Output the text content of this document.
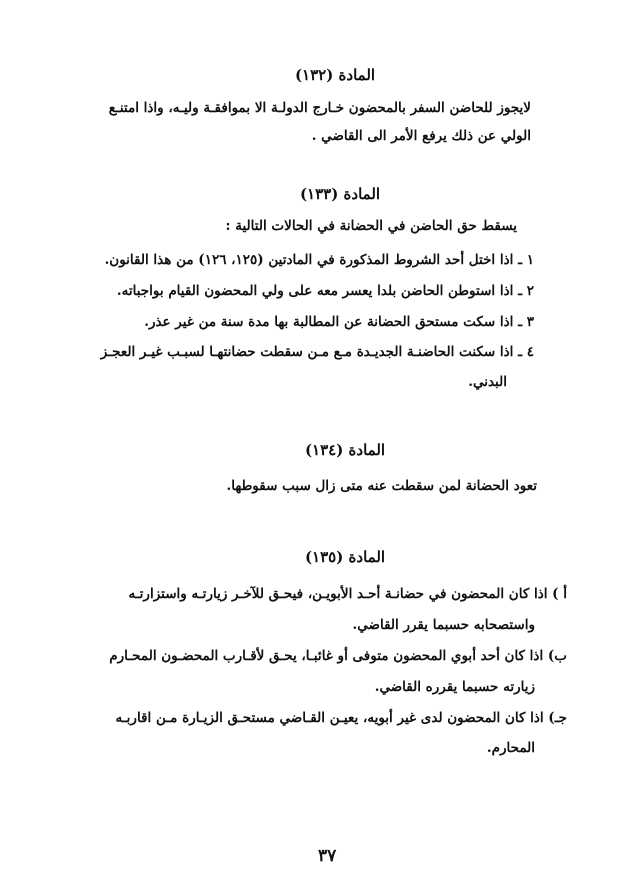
المادة (١٣٢)
لايجوز للحاضن السفر بالمحضون خـارج الدولـة الا بموافقـة وليـه، واذا امتنـع
الولي عن ذلك يرفع الأمر الى القاضي .
المادة (١٣٣)
يسقط حق الحاضن في الحضانة في الحالات التالية :
١ ـ اذا اختل أحد الشروط المذكورة في المادتين (١٢٥، ١٢٦) من هذا القانون.
٢ ـ اذا استوطن الحاضن بلدا يعسر معه على ولي المحضون القيام بواجباته.
٣ ـ اذا سكت مستحق الحضانة عن المطالبة بها مدة سنة من غير عذر.
٤ ـ اذا سكنت الحاضنـة الجديـدة مـع مـن سقطت حضانتهـا لسبـب غيـر العجـز
البدني.
المادة (١٣٤)
تعود الحضانة لمن سقطت عنه متى زال سبب سقوطها.
المادة (١٣٥)
أ ) اذا كان المحضون في حضانـة أحـد الأبويـن، فيحـق للآخـر زيارتـه واستزارتـه
واستصحابه حسبما يقرر القاضي.
ب) اذا كان أحد أبوي المحضون متوفى أو غائبـا، يحـق لأقـارب المحضـون المحـارم
زيارته حسبما يقرره القاضي.
جـ) اذا كان المحضون لدى غير أبويه، يعيـن القـاضي مستحـق الزيـارة مـن اقاربـه
المحارم.
٣٧
